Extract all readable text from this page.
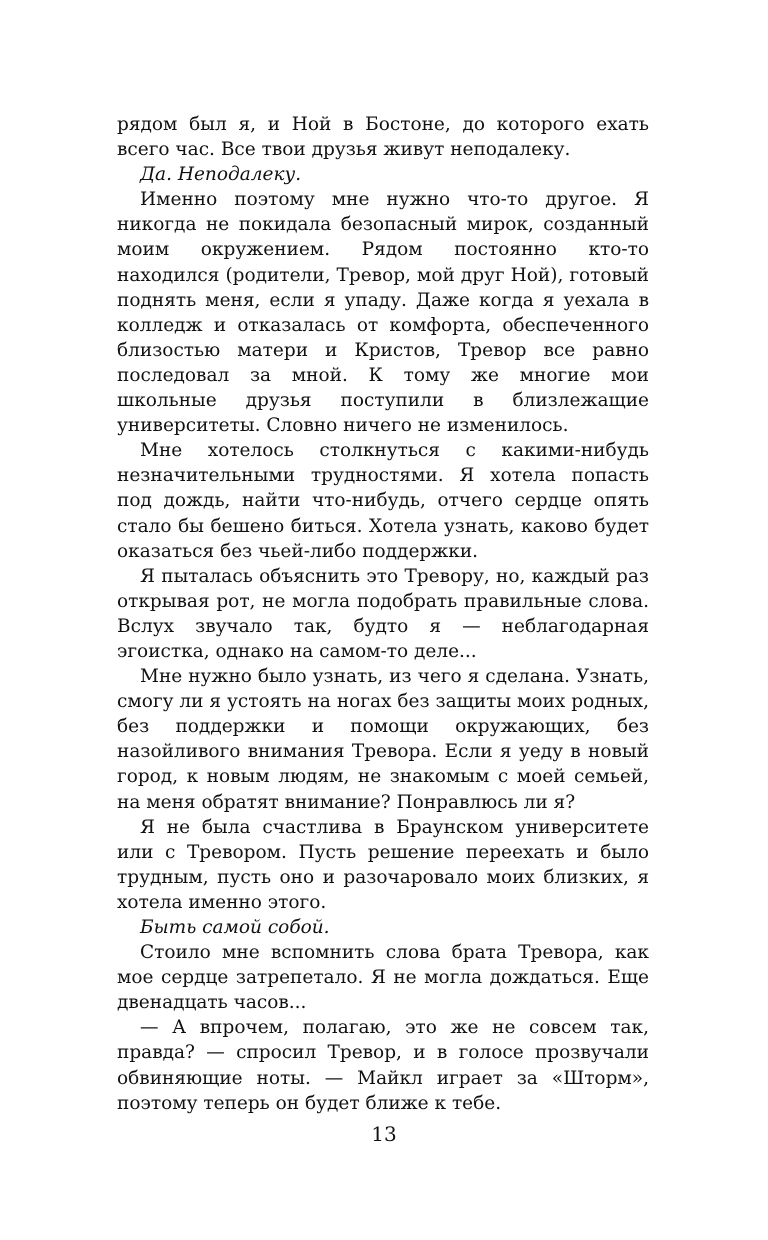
рядом был я, и Ной в Бостоне, до которого ехать всего час. Все твои друзья живут неподалеку.

Да. Неподалеку.

Именно поэтому мне нужно что-то другое. Я никогда не покидала безопасный мирок, созданный моим окружением. Рядом постоянно кто-то находился (родители, Тревор, мой друг Ной), готовый поднять меня, если я упаду. Даже когда я уехала в колледж и отказалась от комфорта, обеспеченного близостью матери и Кристов, Тревор все равно последовал за мной. К тому же многие мои школьные друзья поступили в близлежащие университеты. Словно ничего не изменилось.

Мне хотелось столкнуться с какими-нибудь незначительными трудностями. Я хотела попасть под дождь, найти что-нибудь, отчего сердце опять стало бы бешено биться. Хотела узнать, каково будет оказаться без чьей-либо поддержки.

Я пыталась объяснить это Тревору, но, каждый раз открывая рот, не могла подобрать правильные слова. Вслух звучало так, будто я — неблагодарная эгоистка, однако на самом-то деле...

Мне нужно было узнать, из чего я сделана. Узнать, смогу ли я устоять на ногах без защиты моих родных, без поддержки и помощи окружающих, без назойливого внимания Тревора. Если я уеду в новый город, к новым людям, не знакомым с моей семьей, на меня обратят внимание? Понравлюсь ли я?

Я не была счастлива в Браунском университете или с Тревором. Пусть решение переехать и было трудным, пусть оно и разочаровало моих близких, я хотела именно этого.

Быть самой собой.

Стоило мне вспомнить слова брата Тревора, как мое сердце затрепетало. Я не могла дождаться. Еще двенадцать часов...

— А впрочем, полагаю, это же не совсем так, правда? — спросил Тревор, и в голосе прозвучали обвиняющие ноты. — Майкл играет за «Шторм», поэтому теперь он будет ближе к тебе.

13
